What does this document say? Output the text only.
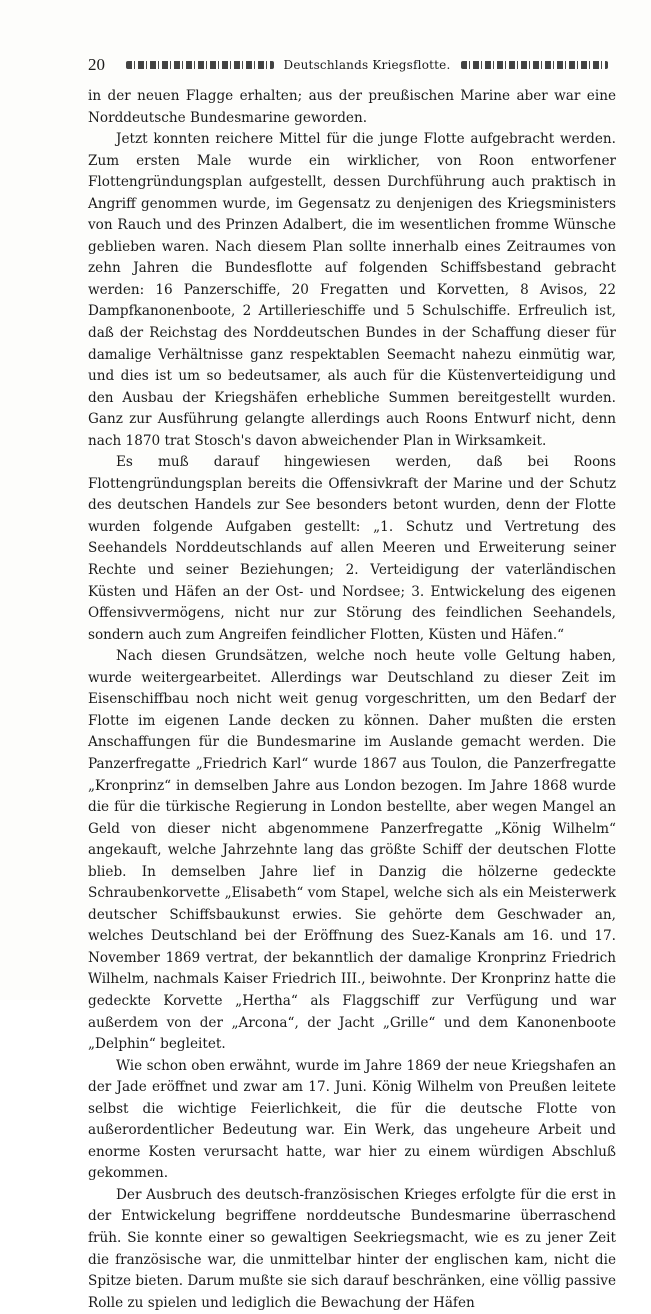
20	Deutschlands Kriegsflotte.

in der neuen Flagge erhalten; aus der preußischen Marine aber war eine Norddeutsche Bundesmarine geworden.

Jetzt konnten reichere Mittel für die junge Flotte aufgebracht werden. Zum ersten Male wurde ein wirklicher, von Roon entworfener Flottengründungsplan aufgestellt, dessen Durchführung auch praktisch in Angriff genommen wurde, im Gegensatz zu denjenigen des Kriegsministers von Rauch und des Prinzen Adalbert, die im wesentlichen fromme Wünsche geblieben waren. Nach diesem Plan sollte innerhalb eines Zeitraumes von zehn Jahren die Bundesflotte auf folgenden Schiffsbestand gebracht werden: 16 Panzerschiffe, 20 Fregatten und Korvetten, 8 Avisos, 22 Dampfkanonenboote, 2 Artillerieschiffe und 5 Schulschiffe. Erfreulich ist, daß der Reichstag des Norddeutschen Bundes in der Schaffung dieser für damalige Verhältnisse ganz respektablen Seemacht nahezu einmütig war, und dies ist um so bedeutsamer, als auch für die Küstenverteidigung und den Ausbau der Kriegshäfen erhebliche Summen bereitgestellt wurden. Ganz zur Ausführung gelangte allerdings auch Roons Entwurf nicht, denn nach 1870 trat Stosch's davon abweichender Plan in Wirksamkeit.

Es muß darauf hingewiesen werden, daß bei Roons Flottengründungsplan bereits die Offensivkraft der Marine und der Schutz des deutschen Handels zur See besonders betont wurden, denn der Flotte wurden folgende Aufgaben gestellt: „1. Schutz und Vertretung des Seehandels Norddeutschlands auf allen Meeren und Erweiterung seiner Rechte und seiner Beziehungen; 2. Verteidigung der vaterländischen Küsten und Häfen an der Ost- und Nordsee; 3. Entwickelung des eigenen Offensivvermögens, nicht nur zur Störung des feindlichen Seehandels, sondern auch zum Angreifen feindlicher Flotten, Küsten und Häfen.“

Nach diesen Grundsätzen, welche noch heute volle Geltung haben, wurde weitergearbeitet. Allerdings war Deutschland zu dieser Zeit im Eisenschiffbau noch nicht weit genug vorgeschritten, um den Bedarf der Flotte im eigenen Lande decken zu können. Daher mußten die ersten Anschaffungen für die Bundesmarine im Auslande gemacht werden. Die Panzerfregatte „Friedrich Karl“ wurde 1867 aus Toulon, die Panzerfregatte „Kronprinz“ in demselben Jahre aus London bezogen. Im Jahre 1868 wurde die für die türkische Regierung in London bestellte, aber wegen Mangel an Geld von dieser nicht abgenommene Panzerfregatte „König Wilhelm“ angekauft, welche Jahrzehnte lang das größte Schiff der deutschen Flotte blieb. In demselben Jahre lief in Danzig die hölzerne gedeckte Schraubenkorvette „Elisabeth“ vom Stapel, welche sich als ein Meisterwerk deutscher Schiffsbaukunst erwies. Sie gehörte dem Geschwader an, welches Deutschland bei der Eröffnung des Suez-Kanals am 16. und 17. November 1869 vertrat, der bekanntlich der damalige Kronprinz Friedrich Wilhelm, nachmals Kaiser Friedrich III., beiwohnte. Der Kronprinz hatte die gedeckte Korvette „Hertha“ als Flaggschiff zur Verfügung und war außerdem von der „Arcona“, der Jacht „Grille“ und dem Kanonenboote „Delphin“ begleitet.

Wie schon oben erwähnt, wurde im Jahre 1869 der neue Kriegshafen an der Jade eröffnet und zwar am 17. Juni. König Wilhelm von Preußen leitete selbst die wichtige Feierlichkeit, die für die deutsche Flotte von außerordentlicher Bedeutung war. Ein Werk, das ungeheure Arbeit und enorme Kosten verursacht hatte, war hier zu einem würdigen Abschluß gekommen.

Der Ausbruch des deutsch-französischen Krieges erfolgte für die erst in der Entwickelung begriffene norddeutsche Bundesmarine überraschend früh. Sie konnte einer so gewaltigen Seekriegsmacht, wie es zu jener Zeit die französische war, die unmittelbar hinter der englischen kam, nicht die Spitze bieten. Darum mußte sie sich darauf beschränken, eine völlig passive Rolle zu spielen und lediglich die Bewachung der Häfen
